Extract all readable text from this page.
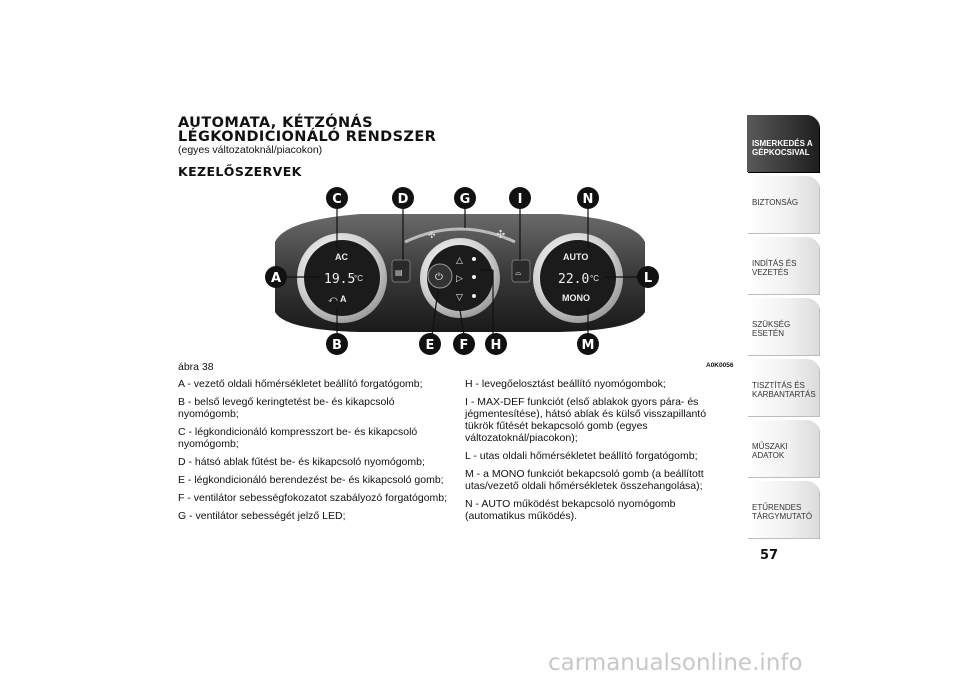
AUTOMATA, KÉTZÓNÁS

LÉGKONDICIONÁLÓ RENDSZER

(egyes változatoknál/piacokon)

KEZELŐSZERVEK
✣	✣
AC
19.5
°C
⤺ A
▤	⏻
△
▷
▽
⌓
AUTO
22.0 °C
MONO
C	D	G	I	N
A	L
B	E F H	M
ábra 38	A0K0056

A - vezető oldali hőmérsékletet beállító forgatógomb;

B - belső levegő keringtetést be- és kikapcsoló nyomógomb;

C - légkondicionáló kompresszort be- és kikapcsoló nyomógomb;

D - hátsó ablak fűtést be- és kikapcsoló nyomógomb;

E - légkondicionáló berendezést be- és kikapcsoló gomb;

F - ventilátor sebességfokozatot szabályozó forgatógomb;

G - ventilátor sebességét jelző LED;

H - levegőelosztást beállító nyomógombok;

I - MAX-DEF funkciót (első ablakok gyors pára- és jégmentesítése), hátsó ablak és külső visszapillantó tükrök fűtését bekapcsoló gomb (egyes változatoknál/piacokon);

L - utas oldali hőmérsékletet beállító forgatógomb;

M - a MONO funkciót bekapcsoló gomb (a beállított utas/vezető oldali hőmérsékletek összehangolása);

N - AUTO működést bekapcsoló nyomógomb (automatikus működés).

ISMERKEDÉS A GÉPKOCSIVAL
BIZTONSÁG
INDÍTÁS ÉS VEZETÉS
SZÜKSÉG ESETÉN
TISZTÍTÁS ÉS KARBANTARTÁS
MŰSZAKI ADATOK
ETŰRENDES TÁRGYMUTATÓ
57
carmanualsonline.info
